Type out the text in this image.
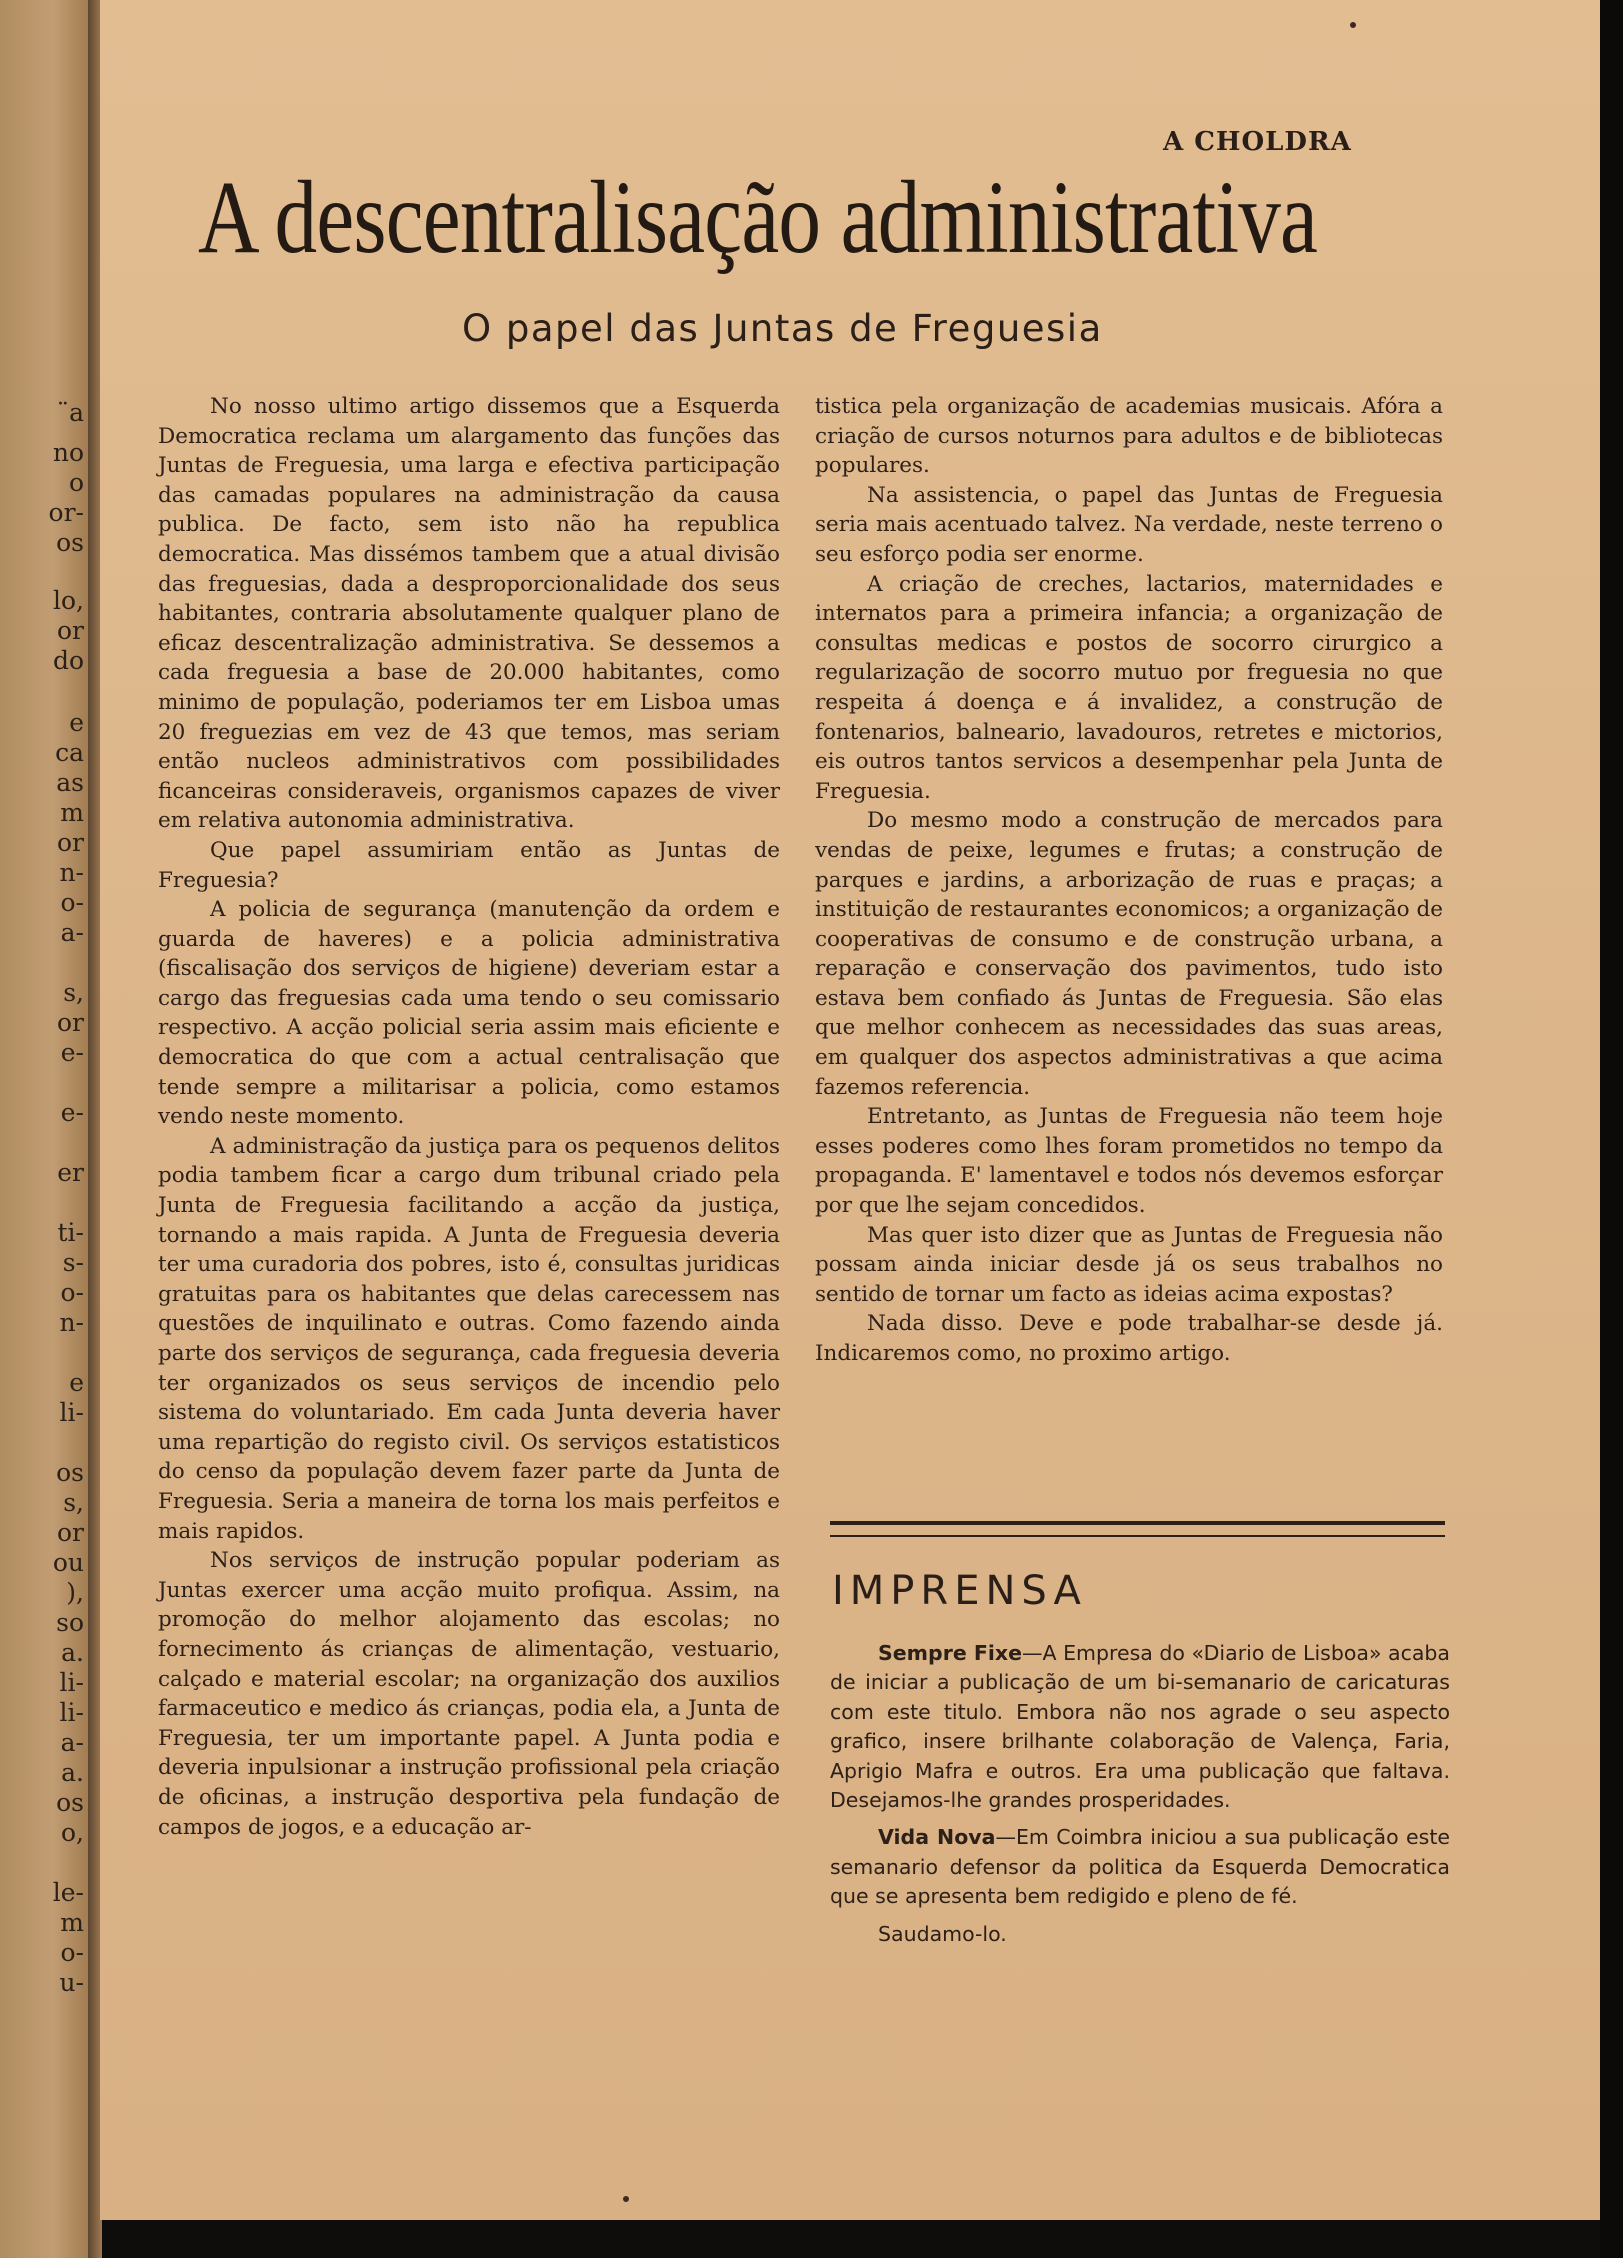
¨a
no
o
or-
os
lo,
or
do
e
ca
as
m
or
n-
o-
a-
s,
or
e-
e-
er
ti-
s-
o-
n-
e
li-
os
s,
or
ou
),
so
a.
li-
li-
a-
a.
os
o,
le-
m
o-
u-
A CHOLDRA
A descentralisação administrativa
O papel das Juntas de Freguesia

No nosso ultimo artigo dissemos que a Esquerda Democratica reclama um alargamento das funções das Juntas de Freguesia, uma larga e efectiva participação das camadas populares na administração da causa publica. De facto, sem isto não ha republica democratica. Mas dissémos tambem que a atual divisão das freguesias, dada a desproporcionalidade dos seus habitantes, contraria absolutamente qualquer plano de eficaz descentralização administrativa. Se dessemos a cada freguesia a base de 20.000 habitantes, como minimo de população, poderiamos ter em Lisboa umas 20 freguezias em vez de 43 que temos, mas seriam então nucleos administrativos com possibilidades ficanceiras consideraveis, organismos capazes de viver em relativa autonomia administrativa.

Que papel assumiriam então as Juntas de Freguesia?

A policia de segurança (manutenção da ordem e guarda de haveres) e a policia administrativa (fiscalisação dos serviços de higiene) deveriam estar a cargo das freguesias cada uma tendo o seu comissario respectivo. A acção policial seria assim mais eficiente e democratica do que com a actual centralisação que tende sempre a militarisar a policia, como estamos vendo neste momento.

A administração da justiça para os pequenos delitos podia tambem ficar a cargo dum tribunal criado pela Junta de Freguesia facilitando a acção da justiça, tornando a mais rapida. A Junta de Freguesia deveria ter uma curadoria dos pobres, isto é, consultas juridicas gratuitas para os habitantes que delas carecessem nas questões de inquilinato e outras. Como fazendo ainda parte dos serviços de segurança, cada freguesia deveria ter organizados os seus serviços de incendio pelo sistema do voluntariado. Em cada Junta deveria haver uma repartição do registo civil. Os serviços estatisticos do censo da população devem fazer parte da Junta de Freguesia. Seria a maneira de torna los mais perfeitos e mais rapidos.

Nos serviços de instrução popular poderiam as Juntas exercer uma acção muito profiqua. Assim, na promoção do melhor alojamento das escolas; no fornecimento ás crianças de alimentação, vestuario, calçado e material escolar; na organização dos auxilios farmaceutico e medico ás crianças, podia ela, a Junta de Freguesia, ter um importante papel. A Junta podia e deveria inpulsionar a instrução profissional pela criação de oficinas, a instrução desportiva pela fundação de campos de jogos, e a educação ar-

tistica pela organização de academias musicais. Afóra a criação de cursos noturnos para adultos e de bibliotecas populares.

Na assistencia, o papel das Juntas de Freguesia seria mais acentuado talvez. Na verdade, neste terreno o seu esforço podia ser enorme.

A criação de creches, lactarios, maternidades e internatos para a primeira infancia; a organização de consultas medicas e postos de socorro cirurgico a regularização de socorro mutuo por freguesia no que respeita á doença e á invalidez, a construção de fontenarios, balneario, lavadouros, retretes e mictorios, eis outros tantos servicos a desempenhar pela Junta de Freguesia.

Do mesmo modo a construção de mercados para vendas de peixe, legumes e frutas; a construção de parques e jardins, a arborização de ruas e praças; a instituição de restaurantes economicos; a organização de cooperativas de consumo e de construção urbana, a reparação e conservação dos pavimentos, tudo isto estava bem confiado ás Juntas de Freguesia. São elas que melhor conhecem as necessidades das suas areas, em qualquer dos aspectos administrativas a que acima fazemos referencia.

Entretanto, as Juntas de Freguesia não teem hoje esses poderes como lhes foram prometidos no tempo da propaganda. E' lamentavel e todos nós devemos esforçar por que lhe sejam concedidos.

Mas quer isto dizer que as Juntas de Freguesia não possam ainda iniciar desde já os seus trabalhos no sentido de tornar um facto as ideias acima expostas?

Nada disso. Deve e pode trabalhar-se desde já. Indicaremos como, no proximo artigo.

IMPRENSA

Sempre Fixe—A Empresa do «Diario de Lisboa» acaba de iniciar a publicação de um bi-semanario de caricaturas com este titulo. Embora não nos agrade o seu aspecto grafico, insere brilhante colaboração de Valença, Faria, Aprigio Mafra e outros. Era uma publicação que faltava. Desejamos-lhe grandes prosperidades.

Vida Nova—Em Coimbra iniciou a sua publicação este semanario defensor da politica da Esquerda Democratica que se apresenta bem redigido e pleno de fé.

Saudamo-lo.
